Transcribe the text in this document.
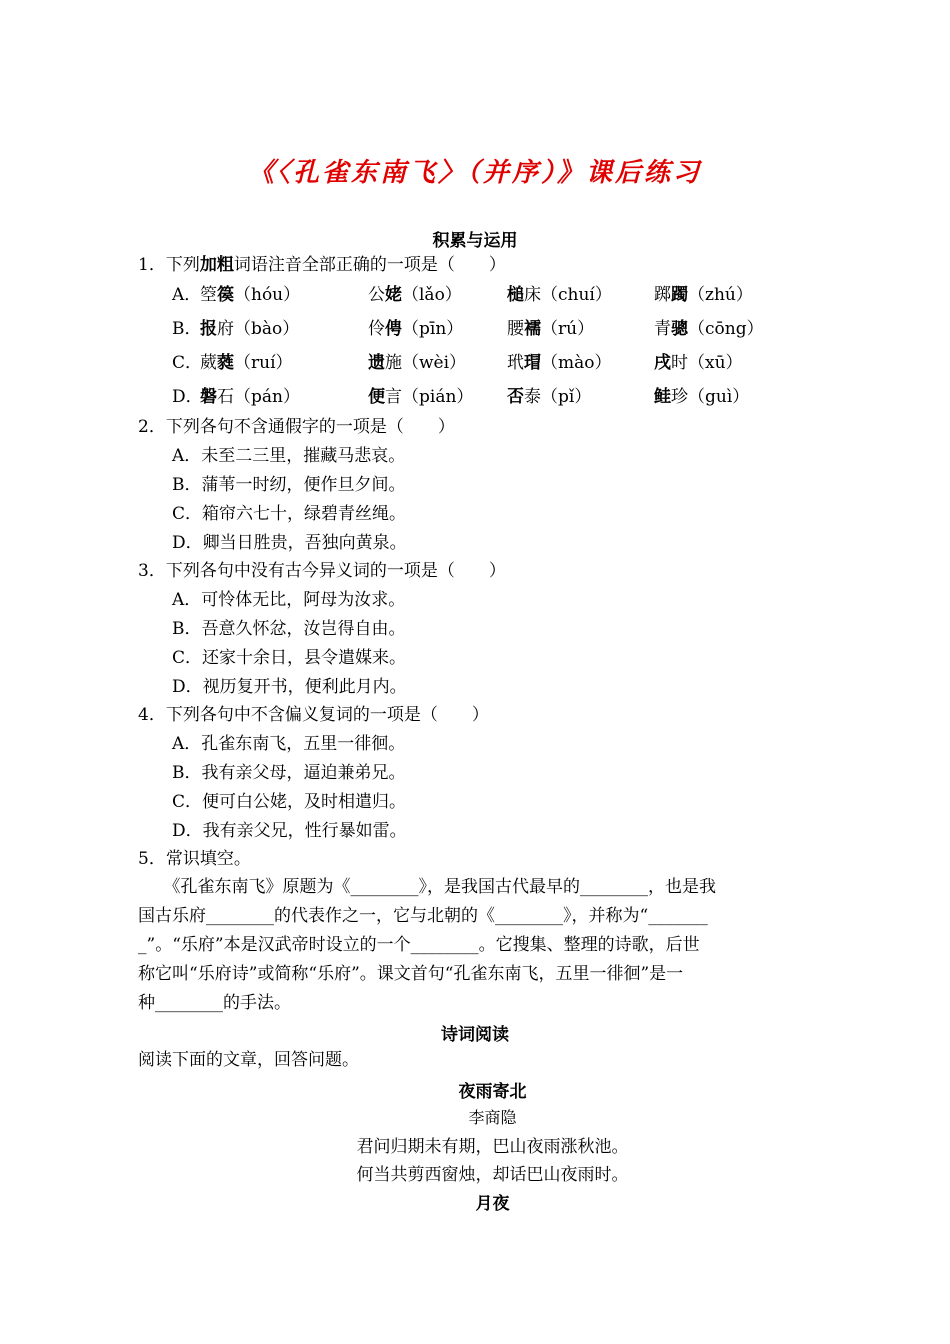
《〈孔雀东南飞〉（并序）》课后练习
积累与运用
1．下列加粗词语注音全部正确的一项是（　　）
A．
箜篌（hóu）	公姥（lǎo）	槌床（chuí） 踯躅（zhú）
B．
报府（bào）	伶俜（pīn）	腰襦（rú）	青骢（cōng）
C．
葳蕤（ruí）	遗施（wèi） 玳瑁（mào）	戌时（xū）
D．
磐石（pán）	便言（pián） 否泰（pǐ）	鲑珍（guì）
2．下列各句不含通假字的一项是（　　）
A．未至二三里，摧藏马悲哀。
B．蒲苇一时纫，便作旦夕间。
C．箱帘六七十，绿碧青丝绳。
D．卿当日胜贵，吾独向黄泉。
3．下列各句中没有古今异义词的一项是（　　）
A．可怜体无比，阿母为汝求。
B．吾意久怀忿，汝岂得自由。
C．还家十余日，县令遣媒来。
D．视历复开书，便利此月内。
4．下列各句中不含偏义复词的一项是（　　）
A．孔雀东南飞，五里一徘徊。
B．我有亲父母，逼迫兼弟兄。
C．便可白公姥，及时相遣归。
D．我有亲父兄，性行暴如雷。
5．常识填空。
　　《孔雀东南飞》原题为《________》，是我国古代最早的________，也是我
国古乐府________的代表作之一，它与北朝的《________》，并称为“_______
_”。“乐府”本是汉武帝时设立的一个________。它搜集、整理的诗歌，后世
称它叫“乐府诗”或简称“乐府”。课文首句“孔雀东南飞，五里一徘徊”是一
种________的手法。
诗词阅读
阅读下面的文章，回答问题。
夜雨寄北
李商隐
君问归期未有期，巴山夜雨涨秋池。
何当共剪西窗烛，却话巴山夜雨时。
月夜
